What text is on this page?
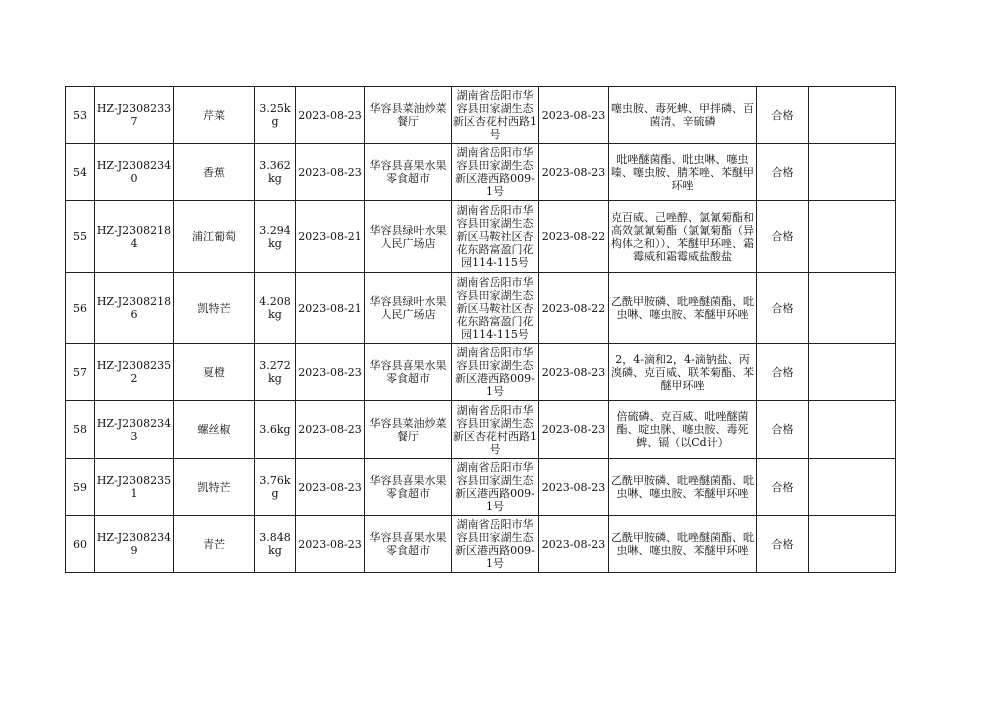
53	HZ-J23082337	芹菜	3.25kg	2023-08-23	华容县菜油炒菜餐厅	湖南省岳阳市华容县田家湖生态新区杏花村西路1号	2023-08-23	噻虫胺、毒死蜱、甲拌磷、百菌清、辛硫磷	合格	
54	HZ-J23082340	香蕉	3.362kg	2023-08-23	华容县喜果水果零食超市	湖南省岳阳市华容县田家湖生态新区港西路009-1号	2023-08-23	吡唑醚菌酯、吡虫啉、噻虫嗪、噻虫胺、腈苯唑、苯醚甲环唑	合格	
55	HZ-J23082184	浦江葡萄	3.294kg	2023-08-21	华容县绿叶水果人民广场店	湖南省岳阳市华容县田家湖生态新区马鞍社区杏花东路富盈门花园114-115号	2023-08-22	克百威、己唑醇、氯氰菊酯和高效氯氰菊酯（氯氰菊酯（异构体之和））、苯醚甲环唑、霜霉威和霜霉威盐酸盐	合格	
56	HZ-J23082186	凯特芒	4.208kg	2023-08-21	华容县绿叶水果人民广场店	湖南省岳阳市华容县田家湖生态新区马鞍社区杏花东路富盈门花园114-115号	2023-08-22	乙酰甲胺磷、吡唑醚菌酯、吡虫啉、噻虫胺、苯醚甲环唑	合格	
57	HZ-J23082352	夏橙	3.272kg	2023-08-23	华容县喜果水果零食超市	湖南省岳阳市华容县田家湖生态新区港西路009-1号	2023-08-23	2，4-滴和2，4-滴钠盐、丙溴磷、克百威、联苯菊酯、苯醚甲环唑	合格	
58	HZ-J23082343	螺丝椒	3.6kg	2023-08-23	华容县菜油炒菜餐厅	湖南省岳阳市华容县田家湖生态新区杏花村西路1号	2023-08-23	倍硫磷、克百威、吡唑醚菌酯、啶虫脒、噻虫胺、毒死蜱、镉（以Cd计）	合格	
59	HZ-J23082351	凯特芒	3.76kg	2023-08-23	华容县喜果水果零食超市	湖南省岳阳市华容县田家湖生态新区港西路009-1号	2023-08-23	乙酰甲胺磷、吡唑醚菌酯、吡虫啉、噻虫胺、苯醚甲环唑	合格	
60	HZ-J23082349	青芒	3.848kg	2023-08-23	华容县喜果水果零食超市	湖南省岳阳市华容县田家湖生态新区港西路009-1号	2023-08-23	乙酰甲胺磷、吡唑醚菌酯、吡虫啉、噻虫胺、苯醚甲环唑	合格	
